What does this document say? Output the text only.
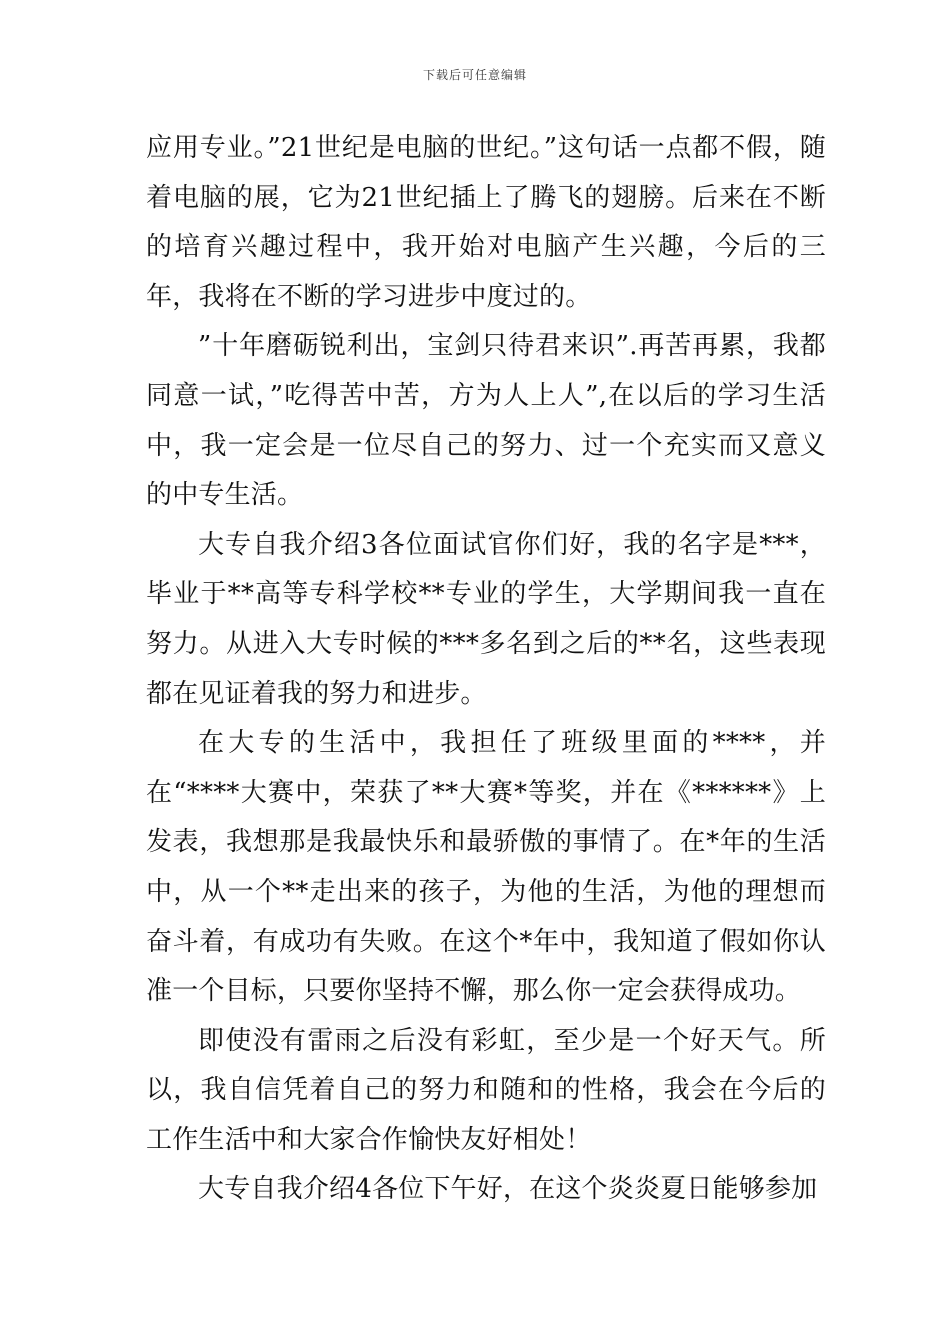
下载后可任意编辑

应用专业。”21世纪是电脑的世纪。”这句话一点都不假，随着电脑的展，它为21世纪插上了腾飞的翅膀。后来在不断的培育兴趣过程中，我开始对电脑产生兴趣，今后的三年，我将在不断的学习进步中度过的。

”十年磨砺锐利出，宝剑只待君来识”.再苦再累，我都同意一试，”吃得苦中苦，方为人上人”,在以后的学习生活中，我一定会是一位尽自己的努力、过一个充实而又意义的中专生活。

大专自我介绍3各位面试官你们好，我的名字是***，毕业于**高等专科学校**专业的学生，大学期间我一直在努力。从进入大专时候的***多名到之后的**名，这些表现都在见证着我的努力和进步。

在大专的生活中，我担任了班级里面的****，并在“****大赛中，荣获了**大赛*等奖，并在《******》上发表，我想那是我最快乐和最骄傲的事情了。在*年的生活中，从一个**走出来的孩子，为他的生活，为他的理想而奋斗着，有成功有失败。在这个*年中，我知道了假如你认准一个目标，只要你坚持不懈，那么你一定会获得成功。

即使没有雷雨之后没有彩虹，至少是一个好天气。所以，我自信凭着自己的努力和随和的性格，我会在今后的工作生活中和大家合作愉快友好相处！

大专自我介绍4各位下午好，在这个炎炎夏日能够参加
